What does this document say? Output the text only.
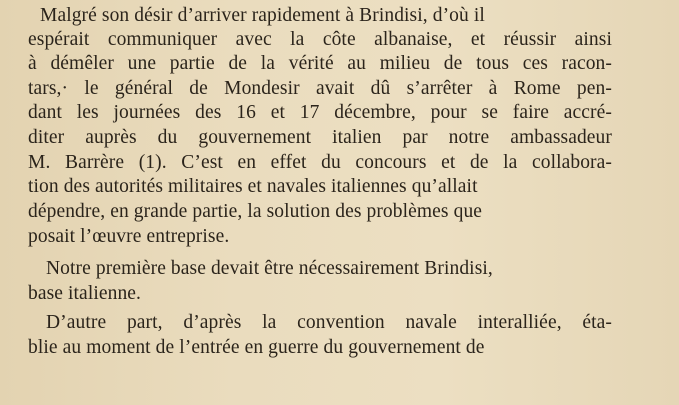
Malgré son désir d’arriver rapidement à Brindisi, d’où il
espérait communiquer avec la côte albanaise, et réussir ainsi
à démêler une partie de la vérité au milieu de tous ces racon-
tars,· le général de Mondesir avait dû s’arrêter à Rome pen-
dant les journées des 16 et 17 décembre, pour se faire accré-
diter auprès du gouvernement italien par notre ambassadeur
M. Barrère (1). C’est en effet du concours et de la collabora-
tion des autorités militaires et navales italiennes qu’allait
dépendre, en grande partie, la solution des problèmes que
posait l’œuvre entreprise.
Notre première base devait être nécessairement Brindisi,
base italienne.
D’autre part, d’après la convention navale interalliée, éta-
blie au moment de l’entrée en guerre du gouvernement de
